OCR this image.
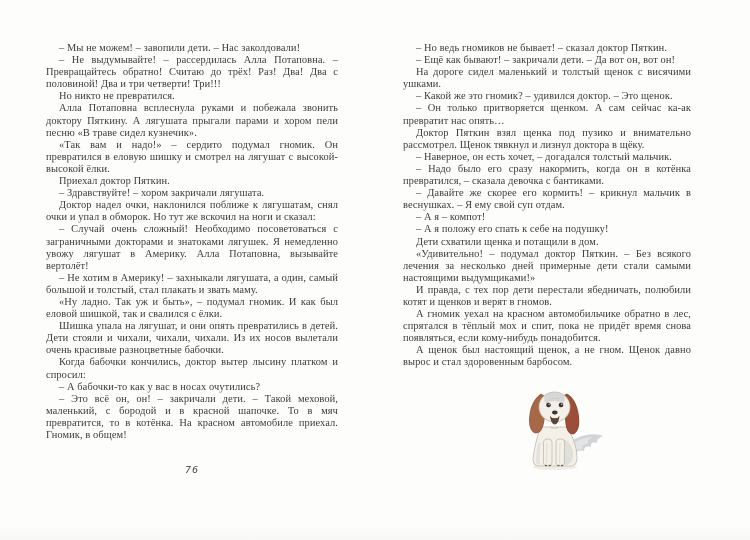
– Мы не можем! – завопили дети. – Нас заколдовали!

– Не выдумывайте! – рассердилась Алла Потаповна. – Превращайтесь обратно! Считаю до трёх! Раз! Два! Два с половиной! Два и три четверти! Три!!!

Но никто не превратился.

Алла Потаповна всплеснула руками и побежала звонить доктору Пяткину. А лягушата прыгали парами и хором пели песню «В траве сидел кузнечик».

«Так вам и надо!» – сердито подумал гномик. Он превратился в еловую шишку и смотрел на лягушат с высокой-высокой ёлки.

Приехал доктор Пяткин.

– Здравствуйте! – хором закричали лягушата.

Доктор надел очки, наклонился поближе к лягушатам, снял очки и упал в обморок. Но тут же вскочил на ноги и сказал:

– Случай очень сложный! Необходимо посоветоваться с заграничными докторами и знатоками лягушек. Я немедленно увожу лягушат в Америку. Алла Потаповна, вызывайте вертолёт!

– Не хотим в Америку! – захныкали лягушата, а один, самый большой и толстый, стал плакать и звать маму.

«Ну ладно. Так уж и быть», – подумал гномик. И как был еловой шишкой, так и свалился с ёлки.

Шишка упала на лягушат, и они опять превратились в детей. Дети стояли и чихали, чихали, чихали. Из их носов вылетали очень красивые разноцветные бабочки.

Когда бабочки кончились, доктор вытер лысину платком и спросил:

– А бабочки-то как у вас в носах очутились?

– Это всё он, он! – закричали дети. – Такой меховой, маленький, с бородой и в красной шапочке. То в мяч превратится, то в котёнка. На красном автомобиле приехал. Гномик, в общем!

76

– Но ведь гномиков не бывает! – сказал доктор Пяткин.

– Ещё как бывают! – закричали дети. – Да вот он, вот он!

На дороге сидел маленький и толстый щенок с висячими ушками.

– Какой же это гномик? – удивился доктор. – Это щенок.

– Он только притворяется щенком. А сам сейчас ка-ак превратит нас опять…

Доктор Пяткин взял щенка под пузико и внимательно рассмотрел. Щенок тявкнул и лизнул доктора в щёку.

– Наверное, он есть хочет, – догадался толстый мальчик.

– Надо было его сразу накормить, когда он в котёнка превратился, – сказала девочка с бантиками.

– Давайте же скорее его кормить! – крикнул мальчик в веснушках. – Я ему свой суп отдам.

– А я – компот!

– А я положу его спать к себе на подушку!

Дети схватили щенка и потащили в дом.

«Удивительно! – подумал доктор Пяткин. – Без всякого лечения за несколько дней примерные дети стали самыми настоящими выдумщиками!»

И правда, с тех пор дети перестали ябедничать, полюбили котят и щенков и верят в гномов.

А гномик уехал на красном автомобильчике обратно в лес, спрятался в тёплый мох и спит, пока не придёт время снова появляться, если кому-нибудь понадобится.

А щенок был настоящий щенок, а не гном. Щенок давно вырос и стал здоровенным барбосом.
